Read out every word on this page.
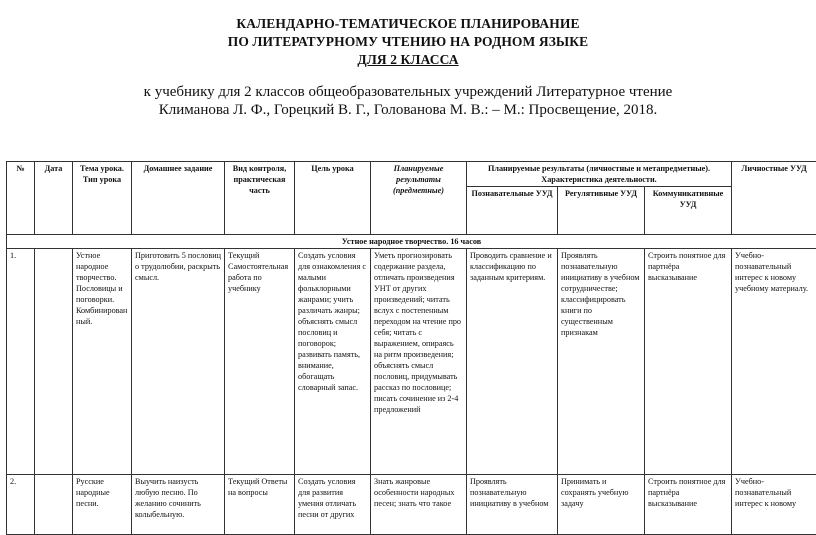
КАЛЕНДАРНО-ТЕМАТИЧЕСКОЕ ПЛАНИРОВАНИЕ
ПО ЛИТЕРАТУРНОМУ ЧТЕНИЮ НА РОДНОМ ЯЗЫКЕ
ДЛЯ 2 КЛАССА
к учебнику для 2 классов общеобразовательных учреждений Литературное чтение
Климанова Л. Ф., Горецкий В. Г., Голованова М. В.: – М.: Просвещение, 2018.
№	Дата	Тема урока. Тип урока	Домашнее задание	Вид контроля, практическая часть	Цель урока	Планируемые результаты (предметные)	Планируемые результаты (личностные и метапредметные). Характеристика деятельности.			Личностные УУД
							Познавательные УУД	Регулятивные УУД	Коммуникативные УУД	
Устное народное творчество. 16 часов										
1.		Устное народное творчество. Пословицы и поговорки. Комбинированный.	Приготовить 5 пословиц о трудолюбии, раскрыть смысл.	Текущий Самостоятельная работа по учебнику	Создать условия для ознакомления с малыми фольклорными жанрами; учить различать жанры; объяснять смысл пословиц и поговорок; развивать память, внимание, обогащать словарный запас.	Уметь прогнозировать содержание раздела, отличать произведения УНТ от других произведений; читать вслух с постепенным переходом на чтение про себя; читать с выражением, опираясь на ритм произведения; объяснять смысл пословиц, придумывать рассказ по пословице; писать сочинение из 2-4 предложений	Проводить сравнение и классификацию по заданным критериям.	Проявлять познавательную инициативу в учебном сотрудничестве; классифицировать книги по существенным признакам	Строить понятное для партнёра высказывание	Учебно-познавательный интерес к новому учебному материалу.
2.		Русские народные песни.	Выучить наизусть любую песню. По желанию сочинить колыбельную.	Текущий Ответы на вопросы	Создать условия для развития умения отличать песни от других	Знать жанровые особенности народных песен; знать что такое	Проявлять познавательную инициативу в учебном	Принимать и сохранять учебную задачу	Строить понятное для партнёра высказывание	Учебно-познавательный интерес к новому
